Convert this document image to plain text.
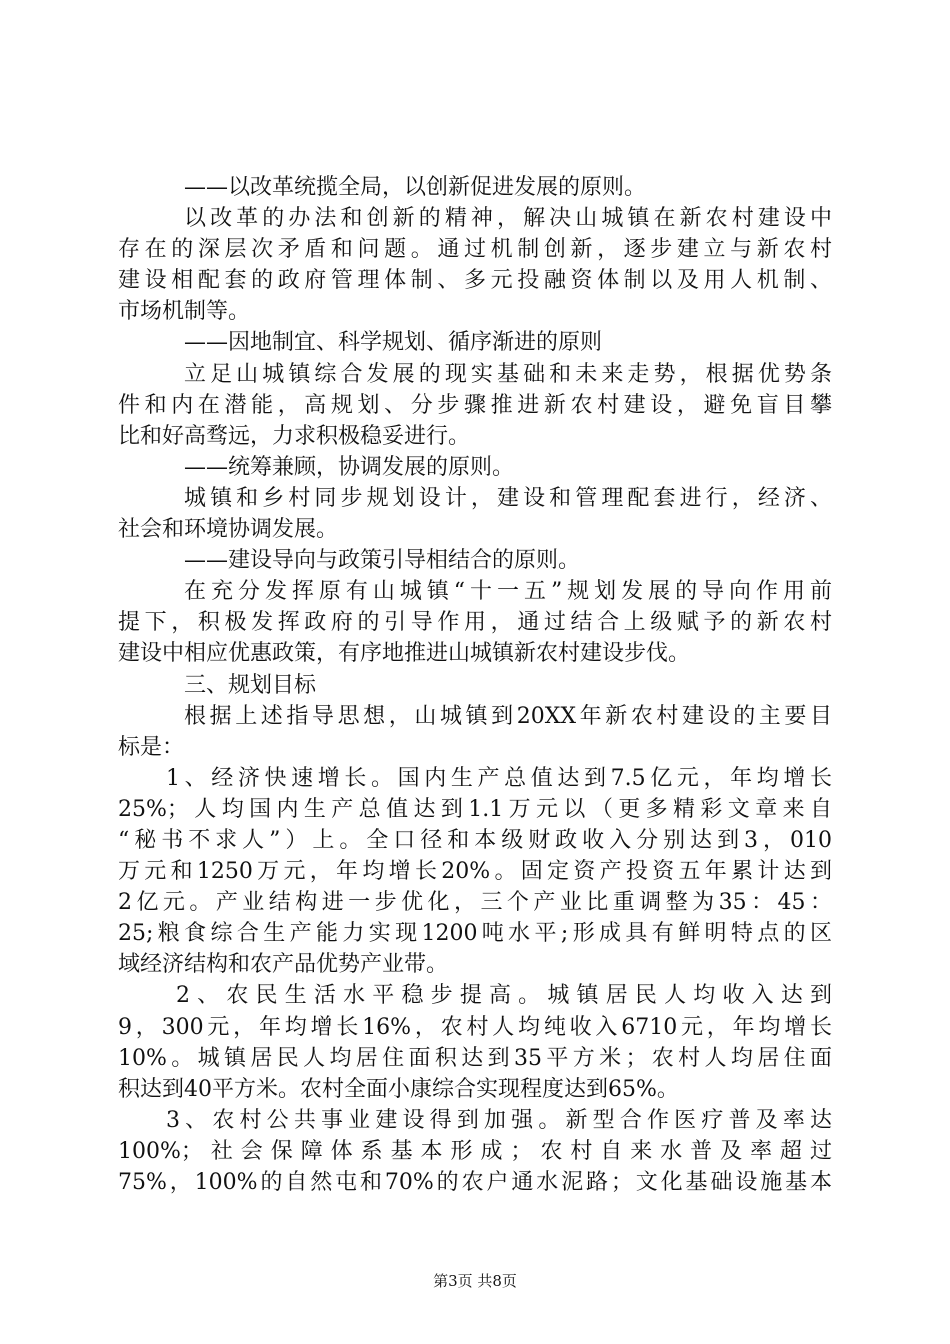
——以改革统揽全局，以创新促进发展的原则。
以改革的办法和创新的精神，解决山城镇在新农村建设中
存在的深层次矛盾和问题。通过机制创新，逐步建立与新农村
建设相配套的政府管理体制、多元投融资体制以及用人机制、
市场机制等。
——因地制宜、科学规划、循序渐进的原则
立足山城镇综合发展的现实基础和未来走势，根据优势条
件和内在潜能，高规划、分步骤推进新农村建设，避免盲目攀
比和好高骛远，力求积极稳妥进行。
——统筹兼顾，协调发展的原则。
城镇和乡村同步规划设计，建设和管理配套进行，经济、
社会和环境协调发展。
——建设导向与政策引导相结合的原则。
在充分发挥原有山城镇“十一五”规划发展的导向作用前
提下，积极发挥政府的引导作用，通过结合上级赋予的新农村
建设中相应优惠政策，有序地推进山城镇新农村建设步伐。
三、规划目标
根据上述指导思想，山城镇到20XX年新农村建设的主要目
标是：
1、经济快速增长。国内生产总值达到7.5亿元，年均增长
25%；人均国内生产总值达到1.1万元以（更多精彩文章来自
“秘书不求人”）上。全口径和本级财政收入分别达到3，010
万元和1250万元，年均增长20%。固定资产投资五年累计达到
2亿元。产业结构进一步优化，三个产业比重调整为35：45：
25;粮食综合生产能力实现1200吨水平;形成具有鲜明特点的区
域经济结构和农产品优势产业带。
2、农民生活水平稳步提高。城镇居民人均收入达到
9，300元，年均增长16%，农村人均纯收入6710元，年均增长
10%。城镇居民人均居住面积达到35平方米；农村人均居住面
积达到40平方米。农村全面小康综合实现程度达到65%。
3、农村公共事业建设得到加强。新型合作医疗普及率达
100%；社会保障体系基本形成；农村自来水普及率超过
75%，100%的自然屯和70%的农户通水泥路；文化基础设施基本
第3页 共8页
